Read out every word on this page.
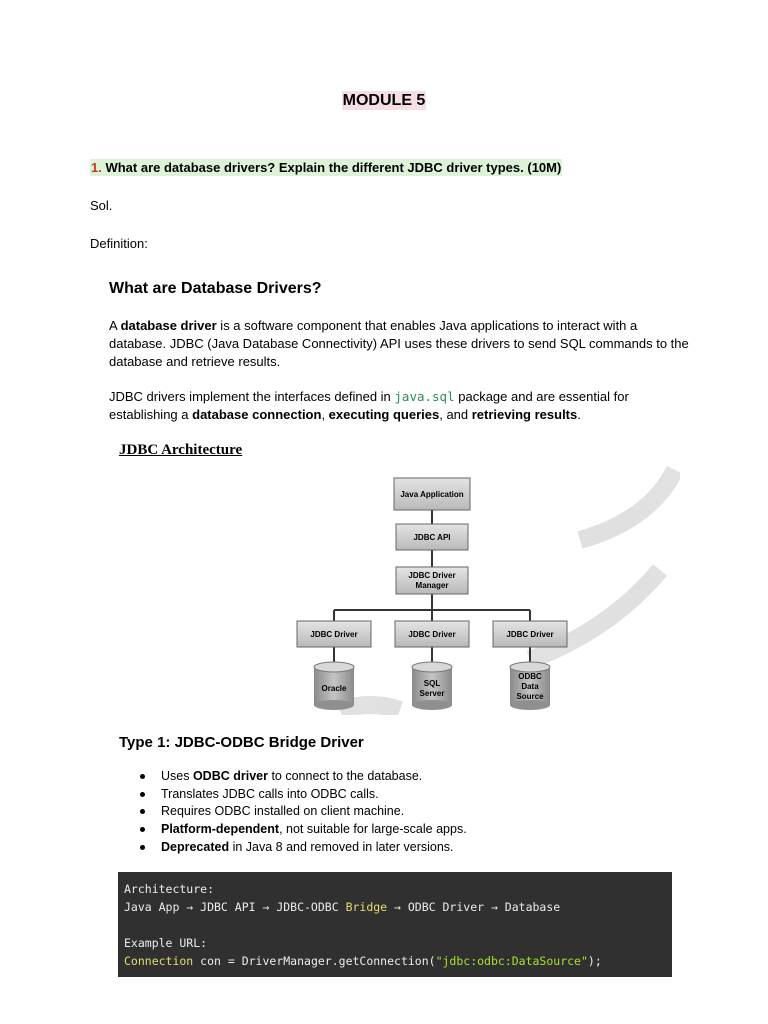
MODULE 5
1. What are database drivers? Explain the different JDBC driver types. (10M)
Sol.
Definition:
What are Database Drivers?
A database driver is a software component that enables Java applications to interact with a database. JDBC (Java Database Connectivity) API uses these drivers to send SQL commands to the database and retrieve results.
JDBC drivers implement the interfaces defined in java.sql package and are essential for establishing a database connection, executing queries, and retrieving results.
JDBC Architecture
Java Application
JDBC API
JDBC Driver
Manager
JDBC Driver	JDBC Driver	JDBC Driver
Oracle
SQL
Server
ODBC
Data
Source
Type 1: JDBC-ODBC Bridge Driver
Uses ODBC driver to connect to the database.
Translates JDBC calls into ODBC calls.
Requires ODBC installed on client machine.
Platform-dependent, not suitable for large-scale apps.
Deprecated in Java 8 and removed in later versions.
Architecture:
Java App → JDBC API → JDBC-ODBC Bridge → ODBC Driver → Database

Example URL:
Connection con = DriverManager.getConnection("jdbc:odbc:DataSource");
